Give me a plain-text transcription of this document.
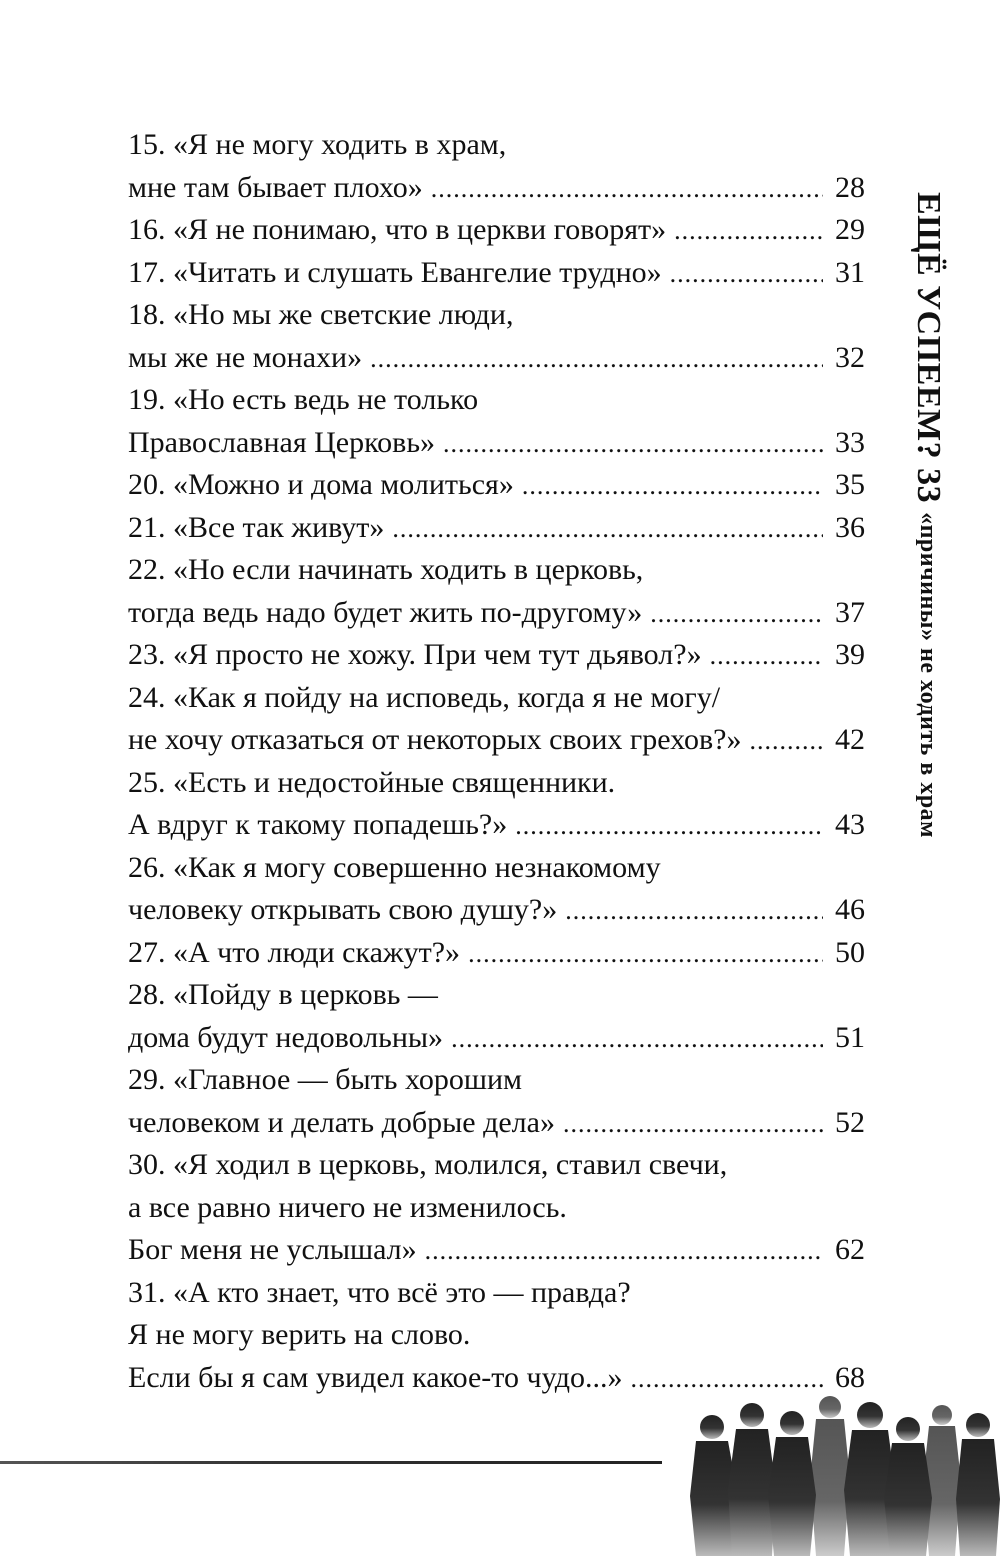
15. «Я не могу ходить в храм,
мне там бывает плохо» .....	28
16. «Я не понимаю, что в церкви говорят» .....	29
17. «Читать и слушать Евангелие трудно» .....	31
18. «Но мы же светские люди,
мы же не монахи» .....	32
19. «Но есть ведь не только
Православная Церковь» .....	33
20. «Можно и дома молиться» .....	35
21. «Все так живут» .....	36
22. «Но если начинать ходить в церковь,
тогда ведь надо будет жить по-другому» .....	37
23. «Я просто не хожу. При чем тут дьявол?» .....	39
24. «Как я пойду на исповедь, когда я не могу/
не хочу отказаться от некоторых своих грехов?» .....	42
25. «Есть и недостойные священники.
А вдруг к такому попадешь?» .....	43
26. «Как я могу совершенно незнакомому
человеку открывать свою душу?» .....	46
27. «А что люди скажут?» .....	50
28. «Пойду в церковь —
дома будут недовольны» .....	51
29. «Главное — быть хорошим
человеком и делать добрые дела» .....	52
30. «Я ходил в церковь, молился, ставил свечи,
а все равно ничего не изменилось.
Бог меня не услышал» .....	62
31. «А кто знает, что всё это — правда?
Я не могу верить на слово.
Если бы я сам увидел какое-то чудо...» .....	68
ЕЩЁ УСПЕЕМ? 33 «причины» не ходить в храм
